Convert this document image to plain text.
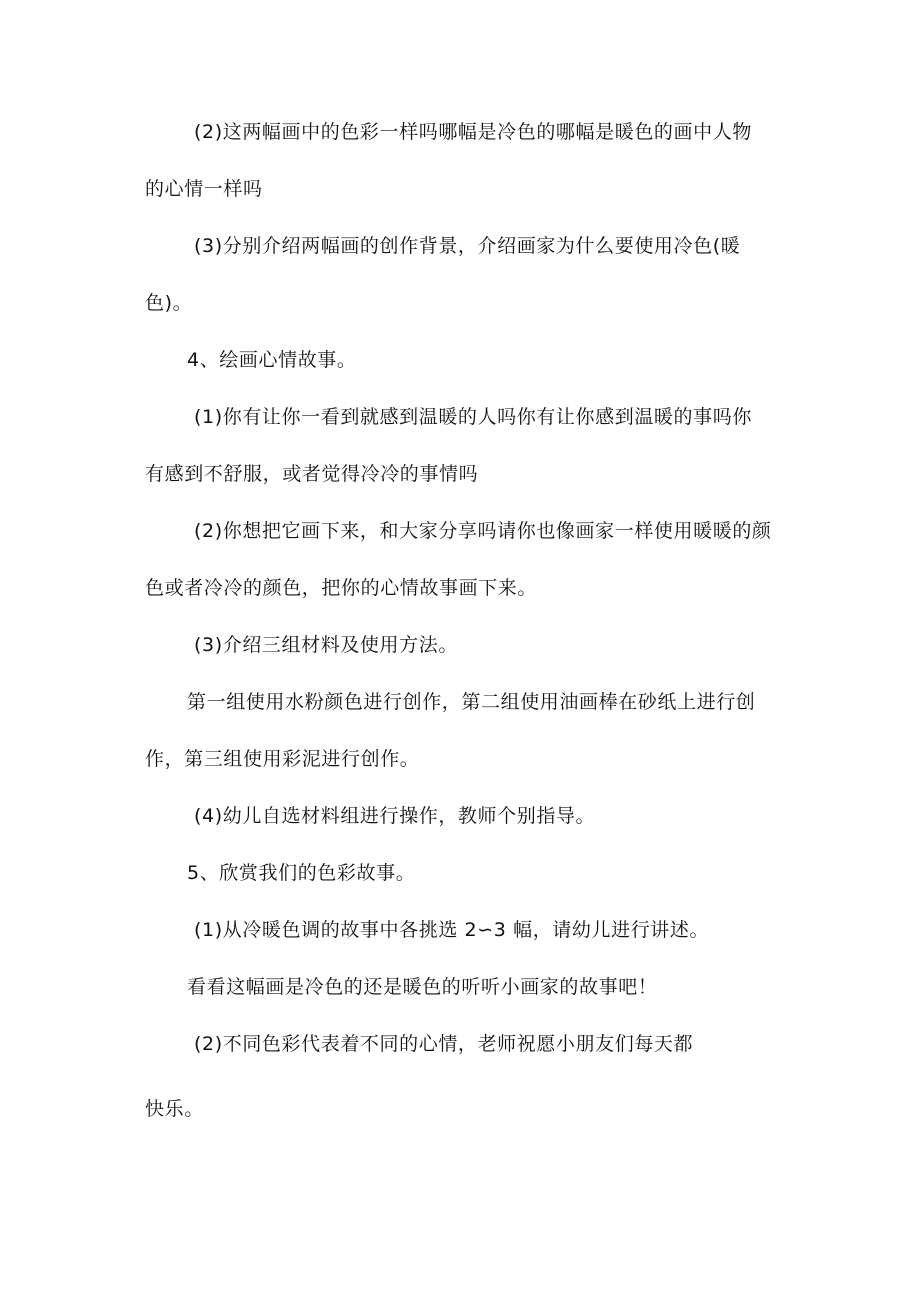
(2)这两幅画中的色彩一样吗哪幅是冷色的哪幅是暖色的画中人物
的心情一样吗
(3)分别介绍两幅画的创作背景，介绍画家为什么要使用冷色(暖
色)。
4、绘画心情故事。
(1)你有让你一看到就感到温暖的人吗你有让你感到温暖的事吗你
有感到不舒服，或者觉得冷冷的事情吗
(2)你想把它画下来，和大家分享吗请你也像画家一样使用暖暖的颜
色或者冷冷的颜色，把你的心情故事画下来。
(3)介绍三组材料及使用方法。
第一组使用水粉颜色进行创作，第二组使用油画棒在砂纸上进行创
作，第三组使用彩泥进行创作。
(4)幼儿自选材料组进行操作，教师个别指导。
5、欣赏我们的色彩故事。
(1)从冷暖色调的故事中各挑选 2∽3 幅，请幼儿进行讲述。
看看这幅画是冷色的还是暖色的听听小画家的故事吧！
(2)不同色彩代表着不同的心情，老师祝愿小朋友们每天都
快乐。
